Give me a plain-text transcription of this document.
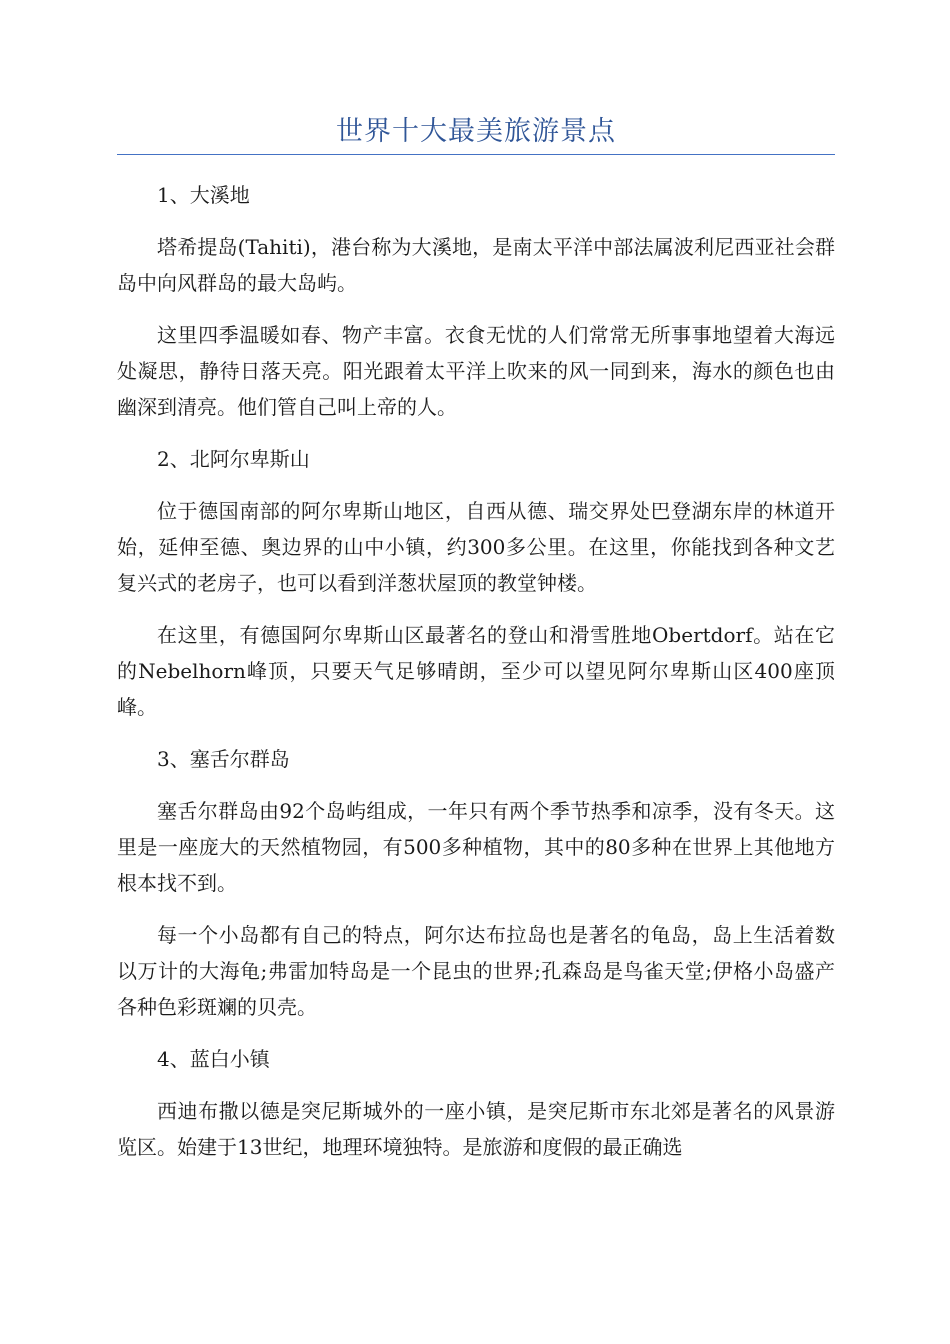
世界十大最美旅游景点

1、大溪地

塔希提岛(Tahiti)，港台称为大溪地，是南太平洋中部法属波利尼西亚社会群岛中向风群岛的最大岛屿。

这里四季温暖如春、物产丰富。衣食无忧的人们常常无所事事地望着大海远处凝思，静待日落天亮。阳光跟着太平洋上吹来的风一同到来，海水的颜色也由幽深到清亮。他们管自己叫上帝的人。

2、北阿尔卑斯山

位于德国南部的阿尔卑斯山地区，自西从德、瑞交界处巴登湖东岸的林道开始，延伸至德、奥边界的山中小镇，约300多公里。在这里，你能找到各种文艺复兴式的老房子，也可以看到洋葱状屋顶的教堂钟楼。

在这里，有德国阿尔卑斯山区最著名的登山和滑雪胜地Obertdorf。站在它的Nebelhorn峰顶，只要天气足够晴朗，至少可以望见阿尔卑斯山区400座顶峰。

3、塞舌尔群岛

塞舌尔群岛由92个岛屿组成，一年只有两个季节热季和凉季，没有冬天。这里是一座庞大的天然植物园，有500多种植物，其中的80多种在世界上其他地方根本找不到。

每一个小岛都有自己的特点，阿尔达布拉岛也是著名的龟岛，岛上生活着数以万计的大海龟;弗雷加特岛是一个昆虫的世界;孔森岛是鸟雀天堂;伊格小岛盛产各种色彩斑斓的贝壳。

4、蓝白小镇

西迪布撒以德是突尼斯城外的一座小镇，是突尼斯市东北郊是著名的风景游览区。始建于13世纪，地理环境独特。是旅游和度假的最正确选
